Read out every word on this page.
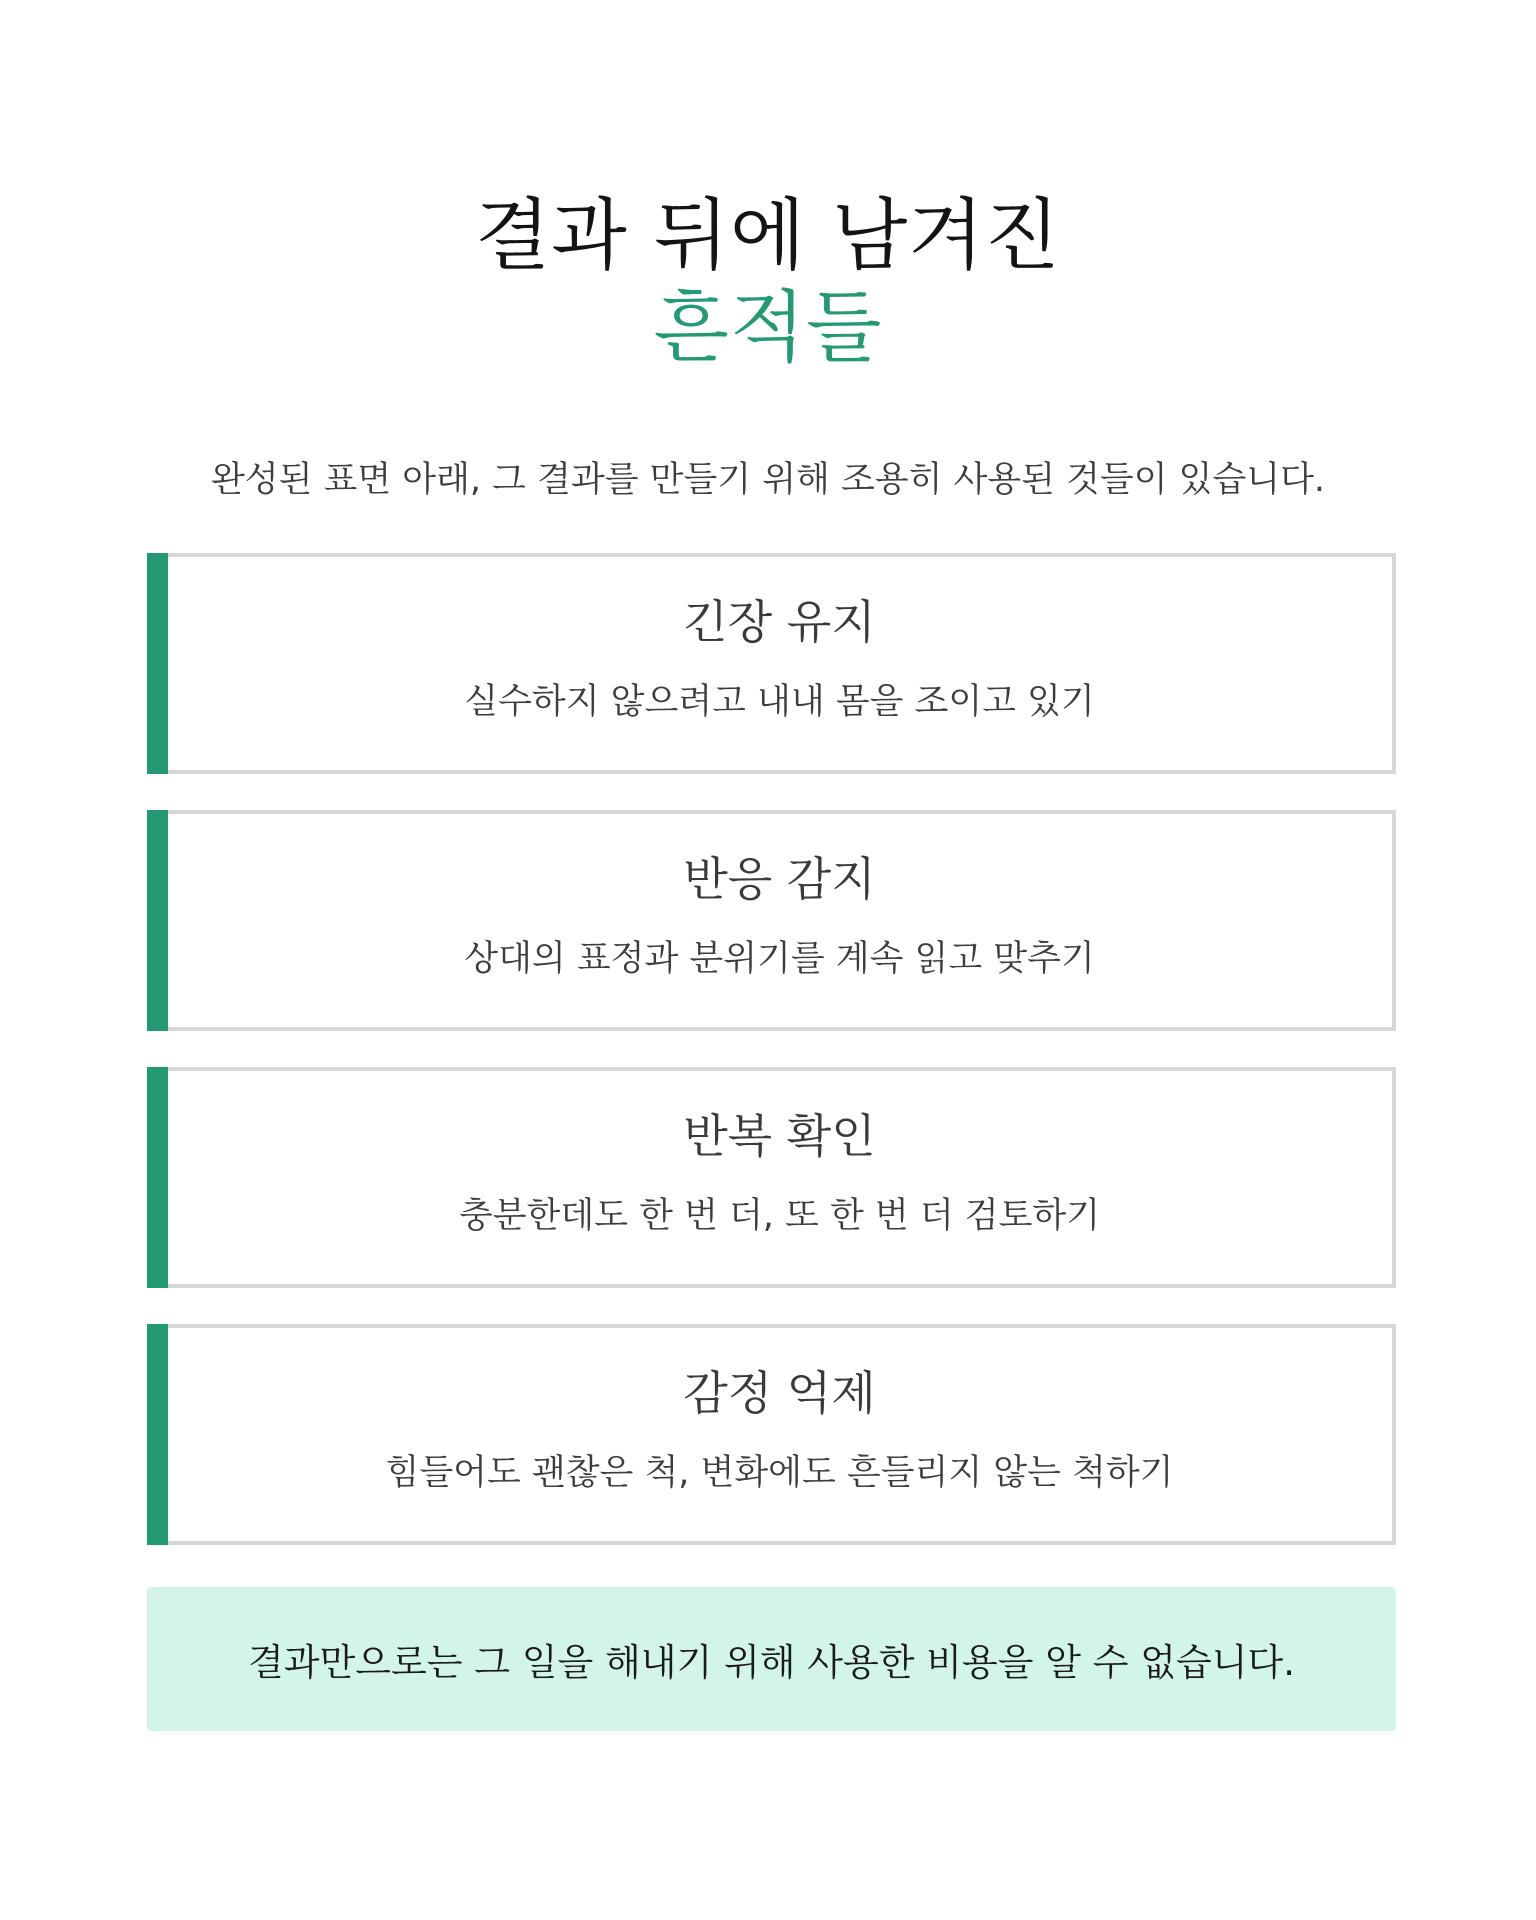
결과 뒤에 남겨진
흔적들

완성된 표면 아래, 그 결과를 만들기 위해 조용히 사용된 것들이 있습니다.

긴장 유지

실수하지 않으려고 내내 몸을 조이고 있기

반응 감지

상대의 표정과 분위기를 계속 읽고 맞추기

반복 확인

충분한데도 한 번 더, 또 한 번 더 검토하기

감정 억제

힘들어도 괜찮은 척, 변화에도 흔들리지 않는 척하기

결과만으로는 그 일을 해내기 위해 사용한 비용을 알 수 없습니다.
